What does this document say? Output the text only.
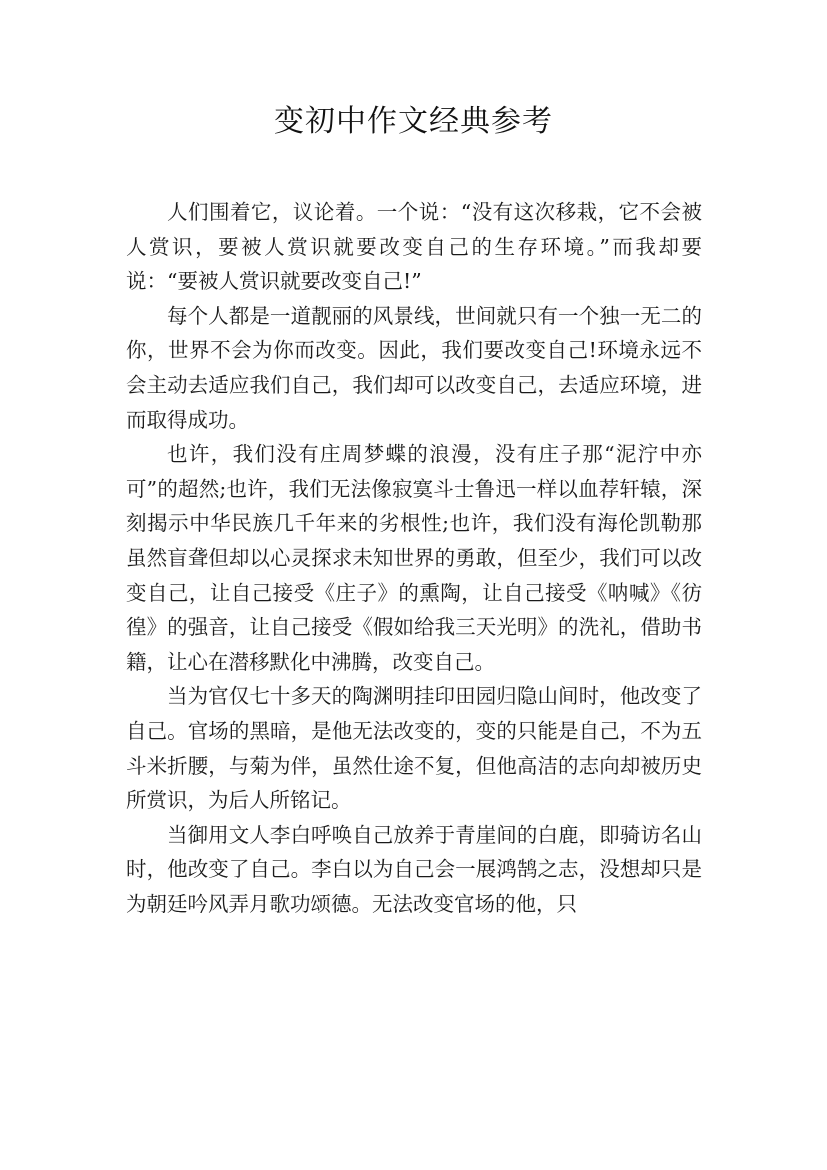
变初中作文经典参考

人们围着它，议论着。一个说：“没有这次移栽，它不会被人赏识，要被人赏识就要改变自己的生存环境。”而我却要说：“要被人赏识就要改变自己!”

每个人都是一道靓丽的风景线，世间就只有一个独一无二的你，世界不会为你而改变。因此，我们要改变自己!环境永远不会主动去适应我们自己，我们却可以改变自己，去适应环境，进而取得成功。

也许，我们没有庄周梦蝶的浪漫，没有庄子那“泥泞中亦可”的超然;也许，我们无法像寂寞斗士鲁迅一样以血荐轩辕，深刻揭示中华民族几千年来的劣根性;也许，我们没有海伦凯勒那虽然盲聋但却以心灵探求未知世界的勇敢，但至少，我们可以改变自己，让自己接受《庄子》的熏陶，让自己接受《呐喊》《彷徨》的强音，让自己接受《假如给我三天光明》的洗礼，借助书籍，让心在潜移默化中沸腾，改变自己。

当为官仅七十多天的陶渊明挂印田园归隐山间时，他改变了自己。官场的黑暗，是他无法改变的，变的只能是自己，不为五斗米折腰，与菊为伴，虽然仕途不复，但他高洁的志向却被历史所赏识，为后人所铭记。

当御用文人李白呼唤自己放养于青崖间的白鹿，即骑访名山时，他改变了自己。李白以为自己会一展鸿鹄之志，没想却只是为朝廷吟风弄月歌功颂德。无法改变官场的他，只
